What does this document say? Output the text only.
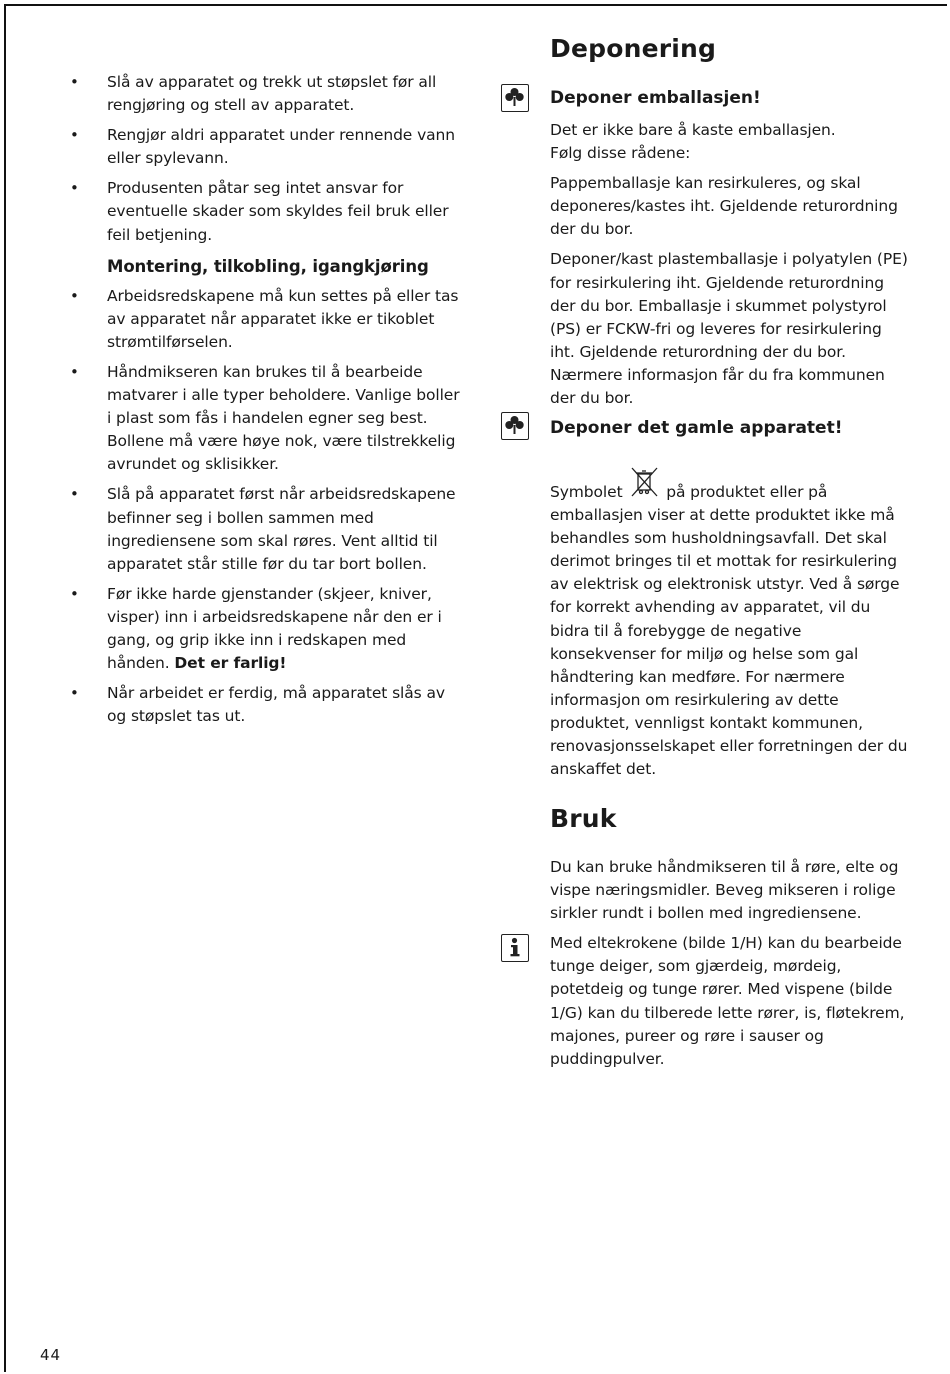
• Slå av apparatet og trekk ut støpslet før all rengjøring og stell av apparatet.
• Rengjør aldri apparatet under rennende vann eller spylevann.
• Produsenten påtar seg intet ansvar for eventuelle skader som skyldes feil bruk eller feil betjening.
Montering, tilkobling, igangkjøring
• Arbeidsredskapene må kun settes på eller tas av apparatet når apparatet ikke er tikoblet strømtilførselen.
• Håndmikseren kan brukes til å bearbeide matvarer i alle typer beholdere. Vanlige boller i plast som fås i handelen egner seg best. Bollene må være høye nok, være tilstrekkelig avrundet og sklisikker.
• Slå på apparatet først når arbeidsredskapene befinner seg i bollen sammen med ingrediensene som skal røres. Vent alltid til apparatet står stille før du tar bort bollen.
• Før ikke harde gjenstander (skjeer, kniver, visper) inn i arbeidsredskapene når den er i gang, og grip ikke inn i redskapen med hånden. Det er farlig!
• Når arbeidet er ferdig, må apparatet slås av og støpslet tas ut.
Deponering
Deponer emballasjen!
Det er ikke bare å kaste emballasjen.
Følg disse rådene:
Pappemballasje kan resirkuleres, og skal deponeres/kastes iht. Gjeldende returordning der du bor.
Deponer/kast plastemballasje i polyatylen (PE) for resirkulering iht. Gjeldende returordning der du bor. Emballasje i skummet polystyrol (PS) er FCKW-fri og leveres for resirkulering iht. Gjeldende returordning der du bor. Nærmere informasjon får du fra kommunen der du bor.
Deponer det gamle apparatet!
Symbolet	på produktet eller på emballasjen viser at dette produktet ikke må behandles som husholdningsavfall. Det skal derimot bringes til et mottak for resirkulering av elektrisk og elektronisk utstyr. Ved å sørge for korrekt avhending av apparatet, vil du bidra til å forebygge de negative konsekvenser for miljø og helse som gal håndtering kan medføre. For nærmere informasjon om resirkulering av dette produktet, vennligst kontakt kommunen, renovasjonsselskapet eller forretningen der du anskaffet det.
Bruk
Du kan bruke håndmikseren til å røre, elte og vispe næringsmidler. Beveg mikseren i rolige sirkler rundt i bollen med ingrediensene.
Med eltekrokene (bilde 1/H) kan du bearbeide tunge deiger, som gjærdeig, mørdeig, potetdeig og tunge rører. Med vispene (bilde 1/G) kan du tilberede lette rører, is, fløtekrem, majones, pureer og røre i sauser og puddingpulver.
44
